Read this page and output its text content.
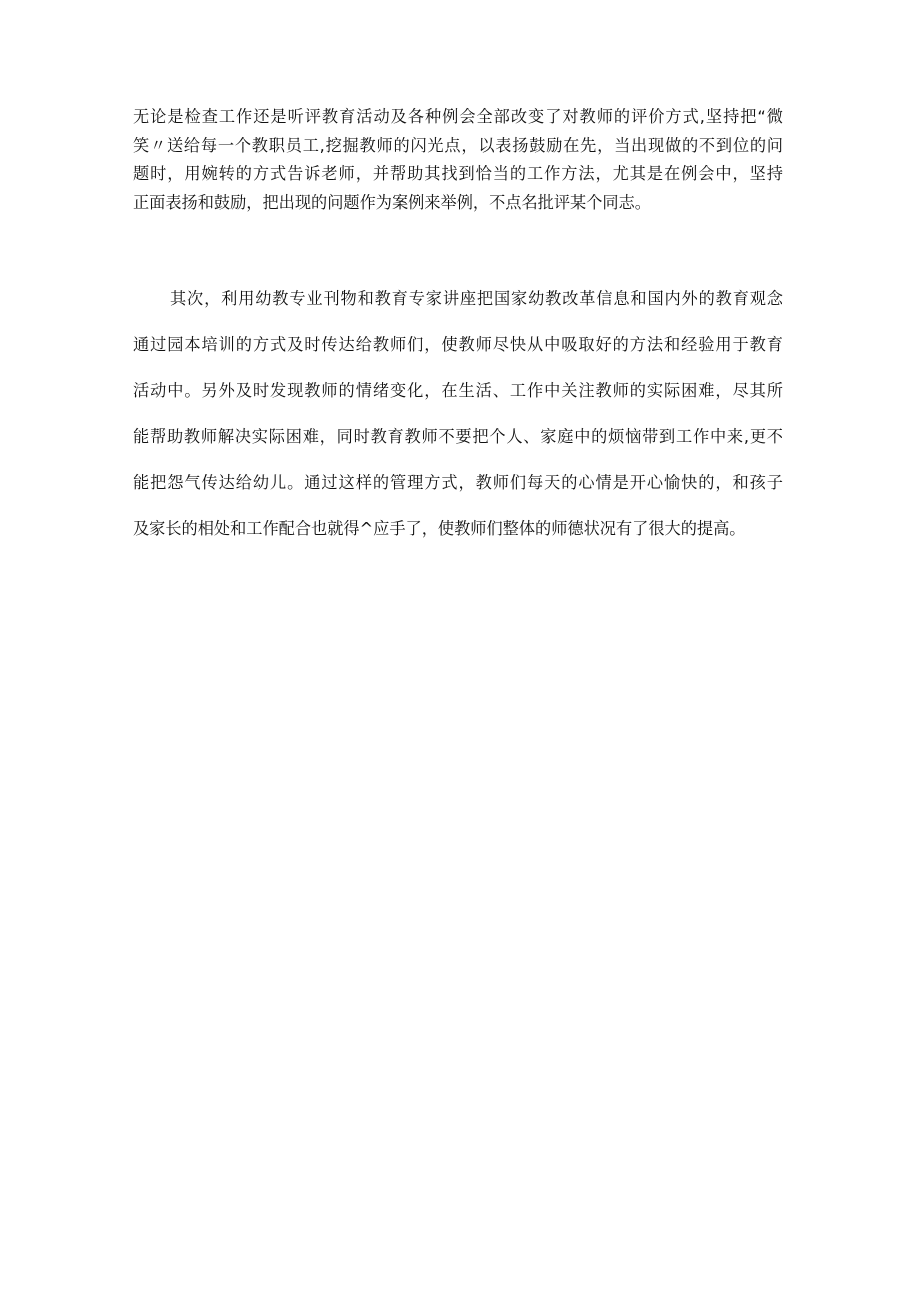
无论是检查工作还是听评教育活动及各种例会全部改变了对教师的评价方式,坚持把“微
笑〃送给每一个教职员工,挖掘教师的闪光点，以表扬鼓励在先，当出现做的不到位的问
题时，用婉转的方式告诉老师，并帮助其找到恰当的工作方法，尤其是在例会中，坚持
正面表扬和鼓励，把出现的问题作为案例来举例，不点名批评某个同志。
其次，利用幼教专业刊物和教育专家讲座把国家幼教改革信息和国内外的教育观念
通过园本培训的方式及时传达给教师们，使教师尽快从中吸取好的方法和经验用于教育
活动中。另外及时发现教师的情绪变化，在生活、工作中关注教师的实际困难，尽其所
能帮助教师解决实际困难，同时教育教师不要把个人、家庭中的烦恼带到工作中来,更不
能把怨气传达给幼儿。通过这样的管理方式，教师们每天的心情是开心愉快的，和孩子
及家长的相处和工作配合也就得^应手了，使教师们整体的师德状况有了很大的提高。
